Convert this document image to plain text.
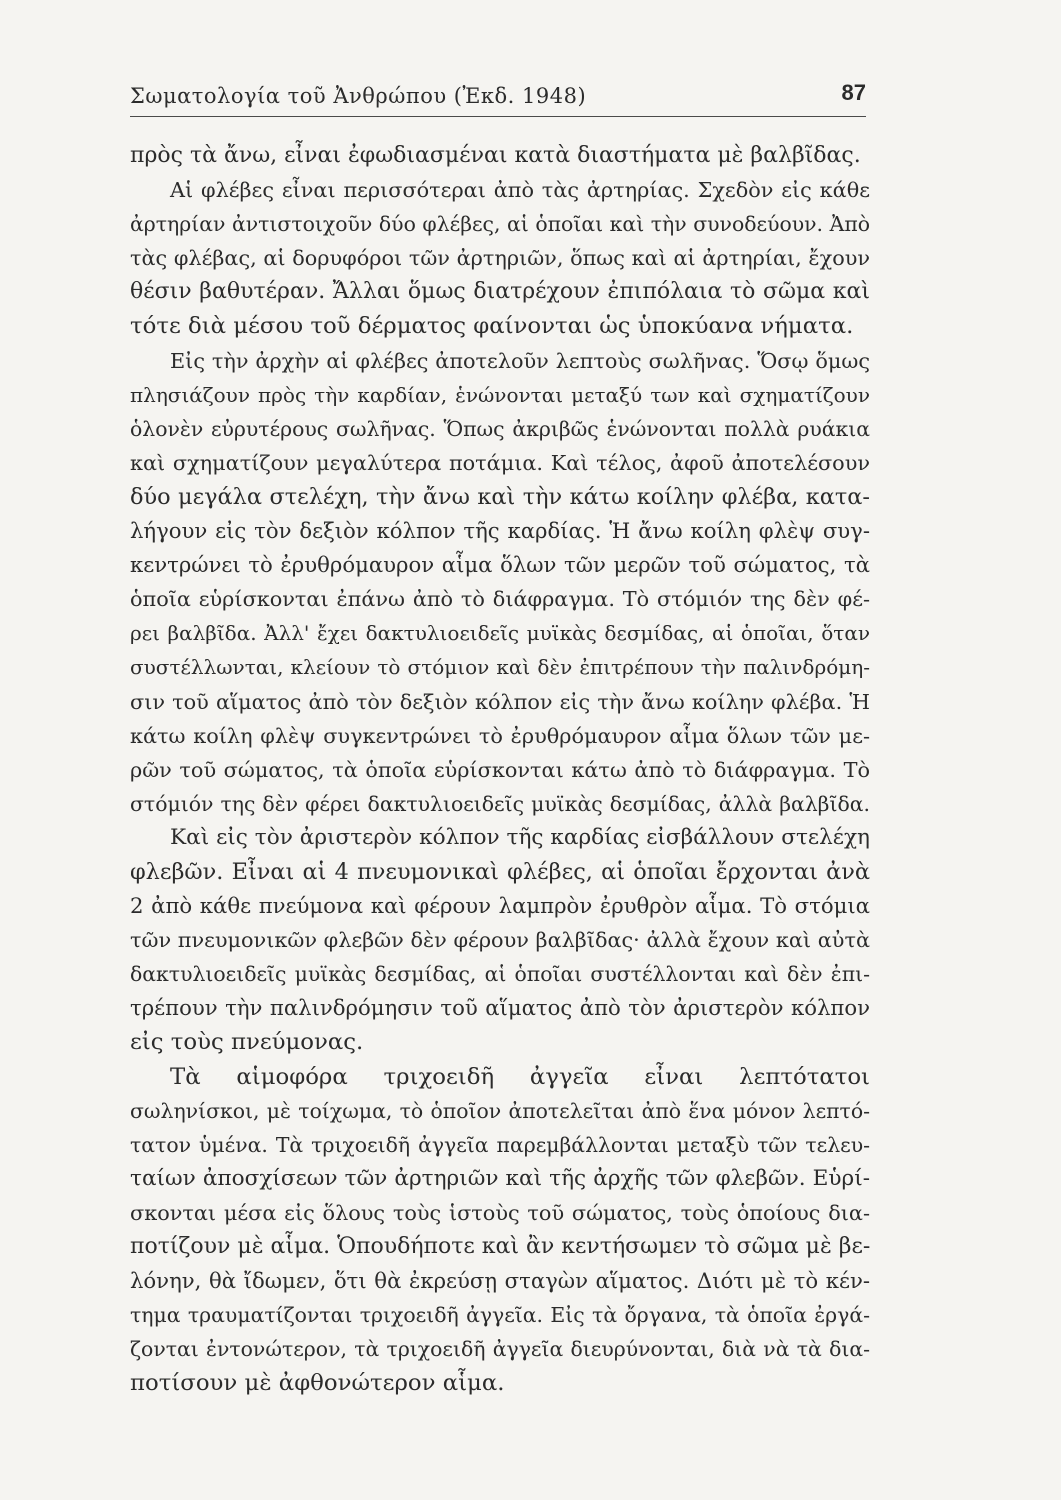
Σωματολογία τοῦ Ἀνθρώπου (Ἐκδ. 1948)	87
πρὸς τὰ ἄνω, εἶναι ἐφωδιασμέναι κατὰ διαστήματα μὲ βαλβῖδας.
Αἱ φλέβες εἶναι περισσότεραι ἀπὸ τὰς ἀρτηρίας. Σχεδὸν εἰς κάθε
ἀρτηρίαν ἀντιστοιχοῦν δύο φλέβες, αἱ ὁποῖαι καὶ τὴν συνοδεύουν. Ἀπὸ
τὰς φλέβας, αἱ δορυφόροι τῶν ἀρτηριῶν, ὅπως καὶ αἱ ἀρτηρίαι, ἔχουν
θέσιν βαθυτέραν. Ἄλλαι ὅμως διατρέχουν ἐπιπόλαια τὸ σῶμα καὶ
τότε διὰ μέσου τοῦ δέρματος φαίνονται ὡς ὑποκύανα νήματα.
Εἰς τὴν ἀρχὴν αἱ φλέβες ἀποτελοῦν λεπτοὺς σωλῆνας. Ὅσῳ ὅμως
πλησιάζουν πρὸς τὴν καρδίαν, ἑνώνονται μεταξύ των καὶ σχηματίζουν
ὁλονὲν εὐρυτέρους σωλῆνας. Ὅπως ἀκριβῶς ἑνώνονται πολλὰ ρυάκια
καὶ σχηματίζουν μεγαλύτερα ποτάμια. Καὶ τέλος, ἀφοῦ ἀποτελέσουν
δύο μεγάλα στελέχη, τὴν ἄνω καὶ τὴν κάτω κοίλην φλέβα, κατα-
λήγουν εἰς τὸν δεξιὸν κόλπον τῆς καρδίας. Ἡ ἄνω κοίλη φλὲψ συγ-
κεντρώνει τὸ ἐρυθρόμαυρον αἷμα ὅλων τῶν μερῶν τοῦ σώματος, τὰ
ὁποῖα εὑρίσκονται ἐπάνω ἀπὸ τὸ διάφραγμα. Τὸ στόμιόν της δὲν φέ-
ρει βαλβῖδα. Ἀλλ' ἔχει δακτυλιοειδεῖς μυϊκὰς δεσμίδας, αἱ ὁποῖαι, ὅταν
συστέλλωνται, κλείουν τὸ στόμιον καὶ δὲν ἐπιτρέπουν τὴν παλινδρόμη-
σιν τοῦ αἵματος ἀπὸ τὸν δεξιὸν κόλπον εἰς τὴν ἄνω κοίλην φλέβα. Ἡ
κάτω κοίλη φλὲψ συγκεντρώνει τὸ ἐρυθρόμαυρον αἷμα ὅλων τῶν με-
ρῶν τοῦ σώματος, τὰ ὁποῖα εὑρίσκονται κάτω ἀπὸ τὸ διάφραγμα. Τὸ
στόμιόν της δὲν φέρει δακτυλιοειδεῖς μυϊκὰς δεσμίδας, ἀλλὰ βαλβῖδα.
Καὶ εἰς τὸν ἀριστερὸν κόλπον τῆς καρδίας εἰσβάλλουν στελέχη
φλεβῶν. Εἶναι αἱ 4 πνευμονικαὶ φλέβες, αἱ ὁποῖαι ἔρχονται ἀνὰ
2 ἀπὸ κάθε πνεύμονα καὶ φέρουν λαμπρὸν ἐρυθρὸν αἷμα. Τὸ στόμια
τῶν πνευμονικῶν φλεβῶν δὲν φέρουν βαλβῖδας· ἀλλὰ ἔχουν καὶ αὐτὰ
δακτυλιοειδεῖς μυϊκὰς δεσμίδας, αἱ ὁποῖαι συστέλλονται καὶ δὲν ἐπι-
τρέπουν τὴν παλινδρόμησιν τοῦ αἵματος ἀπὸ τὸν ἀριστερὸν κόλπον
εἰς τοὺς πνεύμονας.
Τὰ αἱμοφόρα τριχοειδῆ ἀγγεῖα εἶναι λεπτότατοι
σωληνίσκοι, μὲ τοίχωμα, τὸ ὁποῖον ἀποτελεῖται ἀπὸ ἕνα μόνον λεπτό-
τατον ὑμένα. Τὰ τριχοειδῆ ἀγγεῖα παρεμβάλλονται μεταξὺ τῶν τελευ-
ταίων ἀποσχίσεων τῶν ἀρτηριῶν καὶ τῆς ἀρχῆς τῶν φλεβῶν. Εὑρί-
σκονται μέσα εἰς ὅλους τοὺς ἱστοὺς τοῦ σώματος, τοὺς ὁποίους δια-
ποτίζουν μὲ αἷμα. Ὁπουδήποτε καὶ ἂν κεντήσωμεν τὸ σῶμα μὲ βε-
λόνην, θὰ ἴδωμεν, ὅτι θὰ ἐκρεύσῃ σταγὼν αἵματος. Διότι μὲ τὸ κέν-
τημα τραυματίζονται τριχοειδῆ ἀγγεῖα. Εἰς τὰ ὄργανα, τὰ ὁποῖα ἐργά-
ζονται ἐντονώτερον, τὰ τριχοειδῆ ἀγγεῖα διευρύνονται, διὰ νὰ τὰ δια-
ποτίσουν μὲ ἀφθονώτερον αἷμα.
